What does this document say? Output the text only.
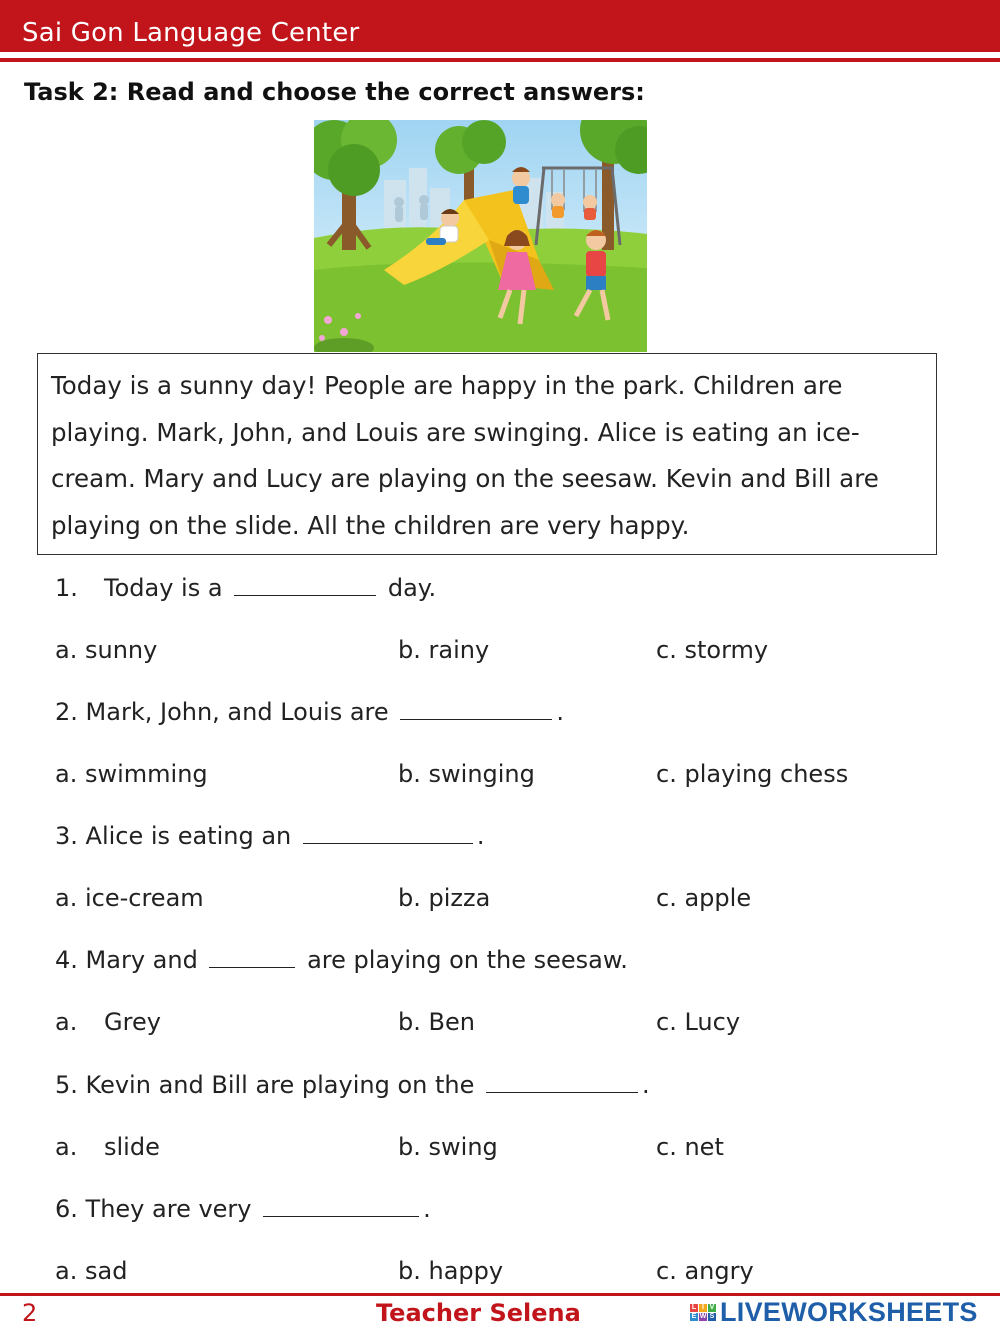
Sai Gon Language Center
Task 2: Read and choose the correct answers:
Today is a sunny day! People are happy in the park. Children are
playing. Mark, John, and Louis are swinging. Alice is eating an ice-
cream. Mary and Lucy are playing on the seesaw. Kevin and Bill are
playing on the slide. All the children are very happy.
1. Today is a	day.
a. sunny	b. rainy	c. stormy
2. Mark, John, and Louis are	.
a. swimming	b. swinging	c. playing chess
3. Alice is eating an	.
a. ice-cream	b. pizza	c. apple
4. Mary and	are playing on the seesaw.
a. Grey	b. Ben	c. Lucy
5. Kevin and Bill are playing on the	.
a. slide	b. swing	c. net
6. They are very	.
a. sad	b. happy	c. angry
2	Teacher Selena	L I V
E W S LIVEWORKSHEETS
